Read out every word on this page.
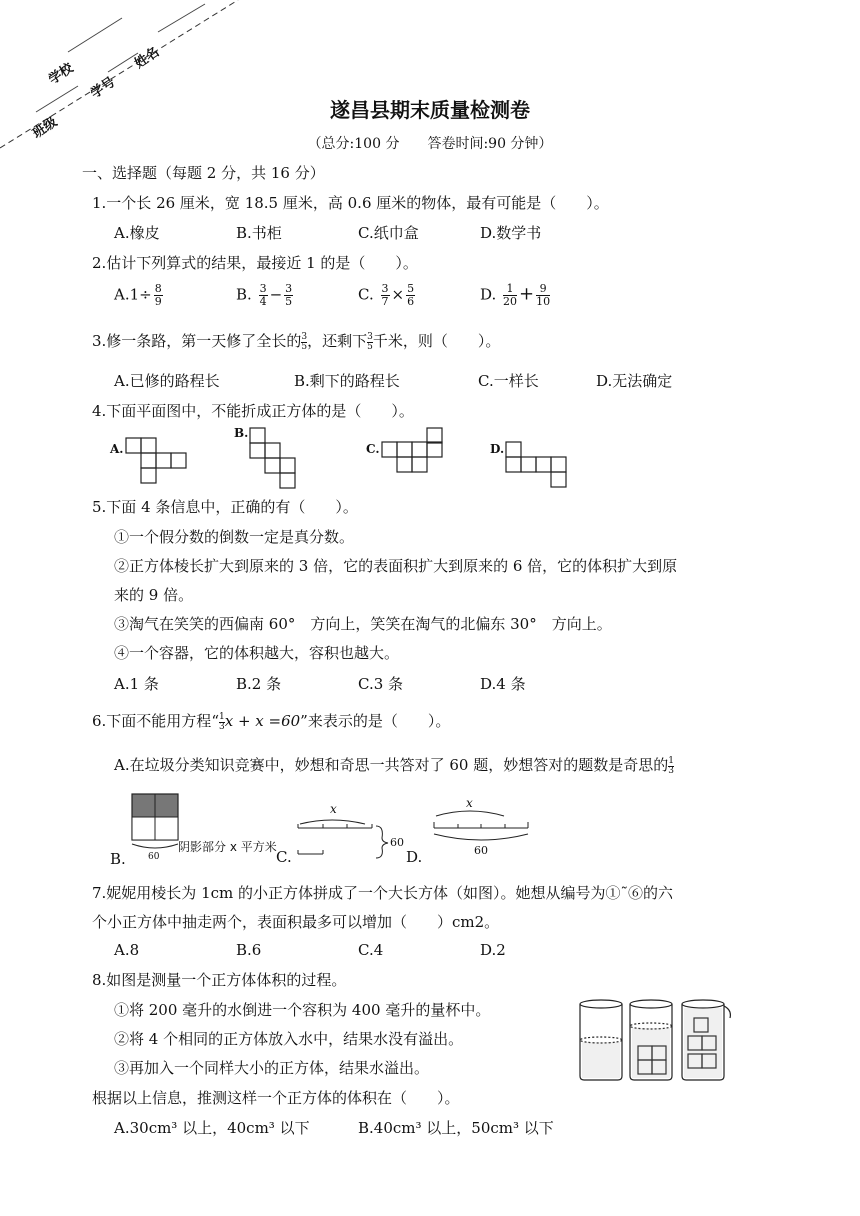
学校
姓名
班级
学号
遂昌县期末质量检测卷
（总分:100 分　　答卷时间:90 分钟）
一、选择题（每题 2 分，共 16 分）
1.一个长 26 厘米，宽 18.5 厘米，高 0.6 厘米的物体，最有可能是（　　）。
A.橡皮	B.书柜	C.纸巾盒	D.数学书
2.估计下列算式的结果，最接近 1 的是（　　）。
$A.1\div \frac{8}{9}$	B. $\frac{3}{4} - \frac{3}{5}$	C. $\frac{3}{7} \times \frac{5}{6}$	D. $\frac{1}{20} + \frac{9}{10}$
3.修一条路，第一天修了全长的 $\frac{3}{5}$ ，还剩下 $\frac{3}{5}$ 千米，则（　　）。
A.已修的路程长	B.剩下的路程长	C.一样长	D.无法确定
4.下面平面图中，不能折成正方体的是（　　）。
A.
B.
C.	D.
5.下面 4 条信息中，正确的有（　　）。
①一个假分数的倒数一定是真分数。
②正方体棱长扩大到原来的 3 倍，它的表面积扩大到原来的 6 倍，它的体积扩大到原
来的 9 倍。
③淘气在笑笑的西偏南 60°　方向上，笑笑在淘气的北偏东 30°　方向上。
④一个容器，它的体积越大，容积也越大。
A.1 条	B.2 条	C.3 条	D.4 条
6.下面不能用方程“ $\frac{1}{3}$ x + x =60”来表示的是（　　）。
A.在垃圾分类知识竞赛中，妙想和奇思一共答对了 60 题，妙想答对的题数是奇思的 $\frac{1}{3}$
B. 60
阴影部分 x 平方米
C.
x
60
D.
x
60
7.妮妮用棱长为 1cm 的小正方体拼成了一个大长方体（如图）。她想从编号为①˜⑥的六
个小正方体中抽走两个，表面积最多可以增加（　　）cm2。
A.8	B.6	C.4	D.2
8.如图是测量一个正方体体积的过程。
①将 200 毫升的水倒进一个容积为 400 毫升的量杯中。
②将 4 个相同的正方体放入水中，结果水没有溢出。
③再加入一个同样大小的正方体，结果水溢出。
根据以上信息，推测这样一个正方体的体积在（　　）。
A.30cm³ 以上，40cm³ 以下	B.40cm³ 以上，50cm³ 以下
